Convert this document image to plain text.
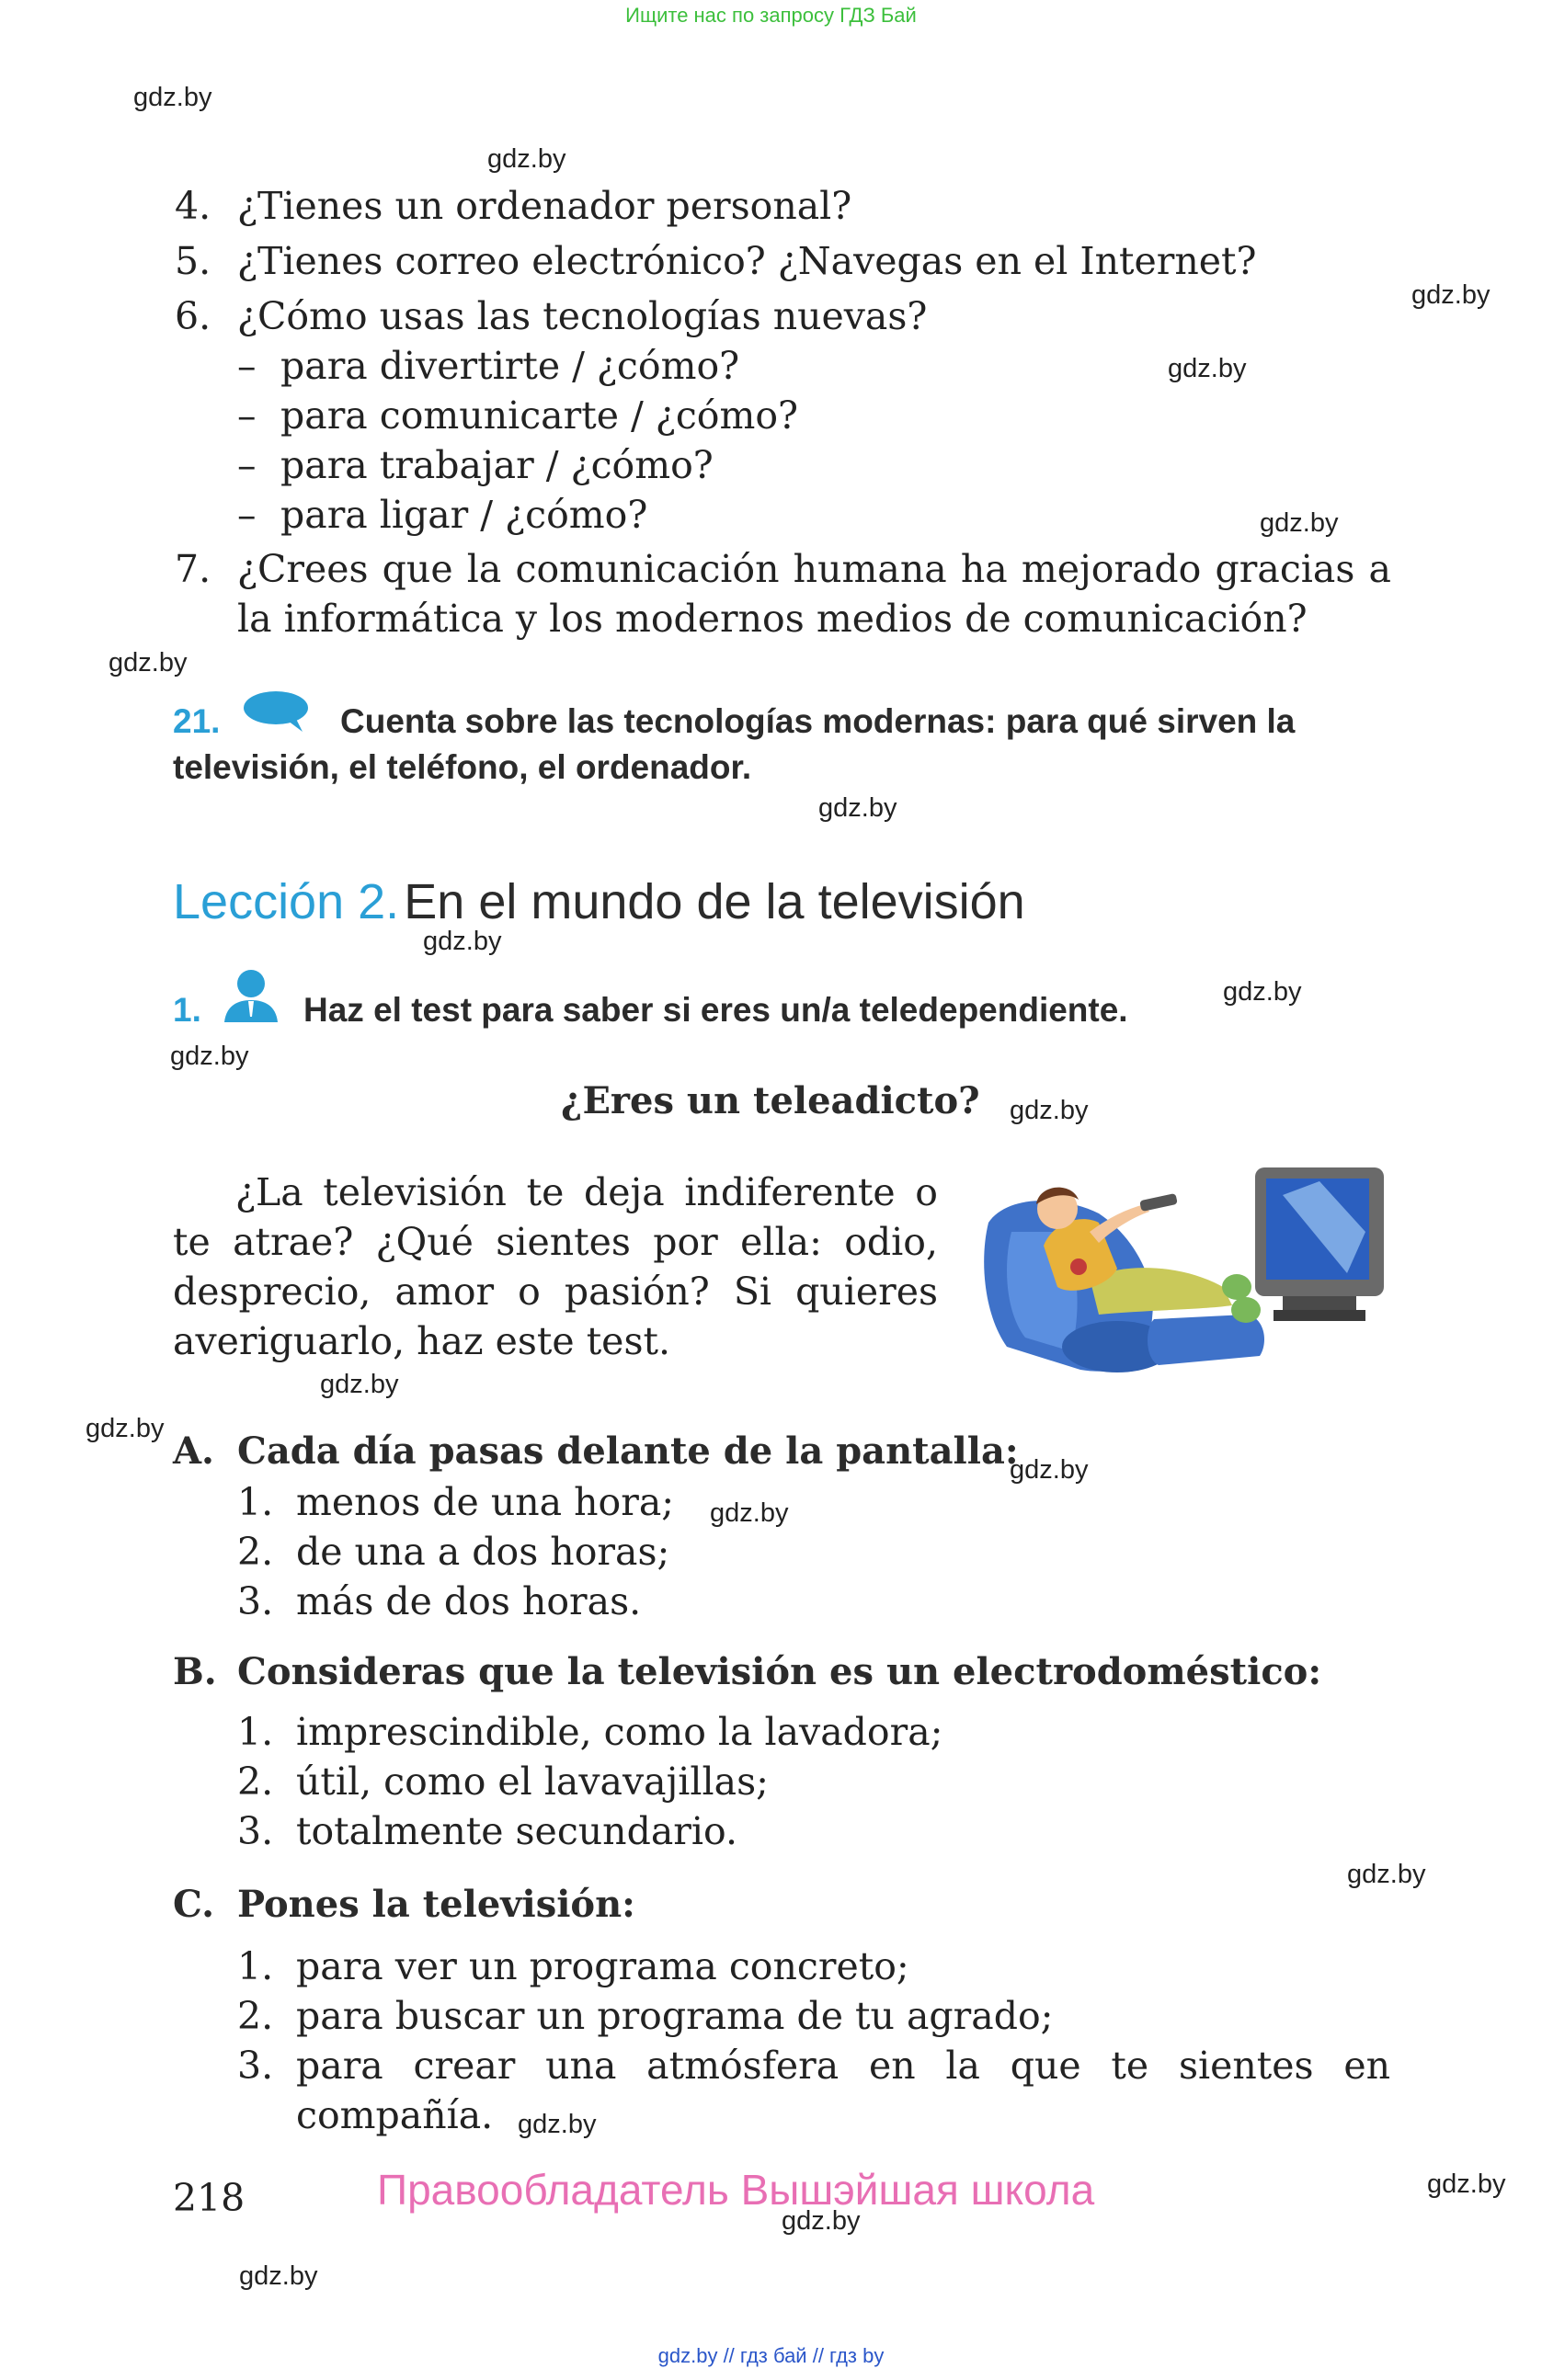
Ищите нас по запросу ГДЗ Бай
gdz.by
gdz.by
gdz.by
gdz.by
gdz.by
gdz.by
gdz.by
gdz.by
gdz.by
gdz.by
gdz.by
gdz.by
gdz.by
gdz.by
gdz.by
gdz.by
gdz.by
gdz.by
gdz.by
gdz.by
4. ¿Tienes un ordenador personal?
5. ¿Tienes correo electrónico? ¿Navegas en el Internet?
6. ¿Cómo usas las tecnologías nuevas?
– para divertirte / ¿cómo?
– para comunicarte / ¿cómo?
– para trabajar / ¿cómo?
– para ligar / ¿cómo?
7. ¿Crees que la comunicación humana ha mejorado gracias a
la informática y los modernos medios de comunicación?
21.	Cuenta sobre las tecnologías modernas: para qué sirven la
televisión, el teléfono, el ordenador.
Lección 2. En el mundo de la televisión
1.	Haz el test para saber si eres un/a teledependiente.
¿Eres un teleadicto?
¿La televisión te deja indiferente o te atrae? ¿Qué sientes por ella: odio, desprecio, amor o pasión? Si quieres averiguarlo, haz este test.
A. Cada día pasas delante de la pantalla:
1. menos de una hora;
2. de una a dos horas;
3. más de dos horas.
B. Consideras que la televisión es un electrodoméstico:
1. imprescindible, como la lavadora;
2. útil, como el lavavajillas;
3. totalmente secundario.
C. Pones la televisión:
1. para ver un programa concreto;
2. para buscar un programa de tu agrado;
3. para crear una atmósfera en la que te sientes en
compañía.
218	Правообладатель Вышэйшая школа
gdz.by // гдз бай // гдз by
